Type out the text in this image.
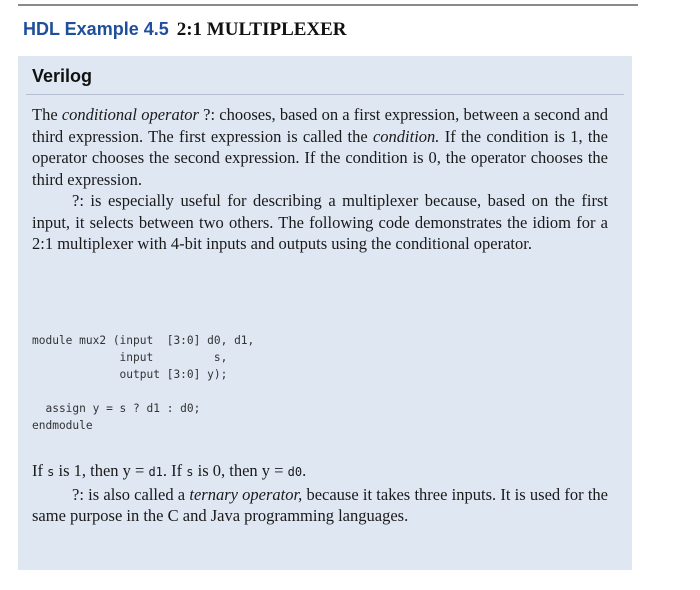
HDL Example 4.5 2:1 MULTIPLEXER
Verilog

The conditional operator ?: chooses, based on a first expression, between a second and third expression. The first expression is called the condition. If the condition is 1, the operator chooses the second expression. If the condition is 0, the operator chooses the third expression.

?: is especially useful for describing a multiplexer because, based on the first input, it selects between two others. The following code demonstrates the idiom for a 2:1 multiplexer with 4-bit inputs and outputs using the conditional operator.

module mux2 (input  [3:0] d0, d1,
input         s,
output [3:0] y);
assign y = s ? d1 : d0;
endmodule

If s is 1, then y = d1. If s is 0, then y = d0.

?: is also called a ternary operator, because it takes three inputs. It is used for the same purpose in the C and Java programming languages.
